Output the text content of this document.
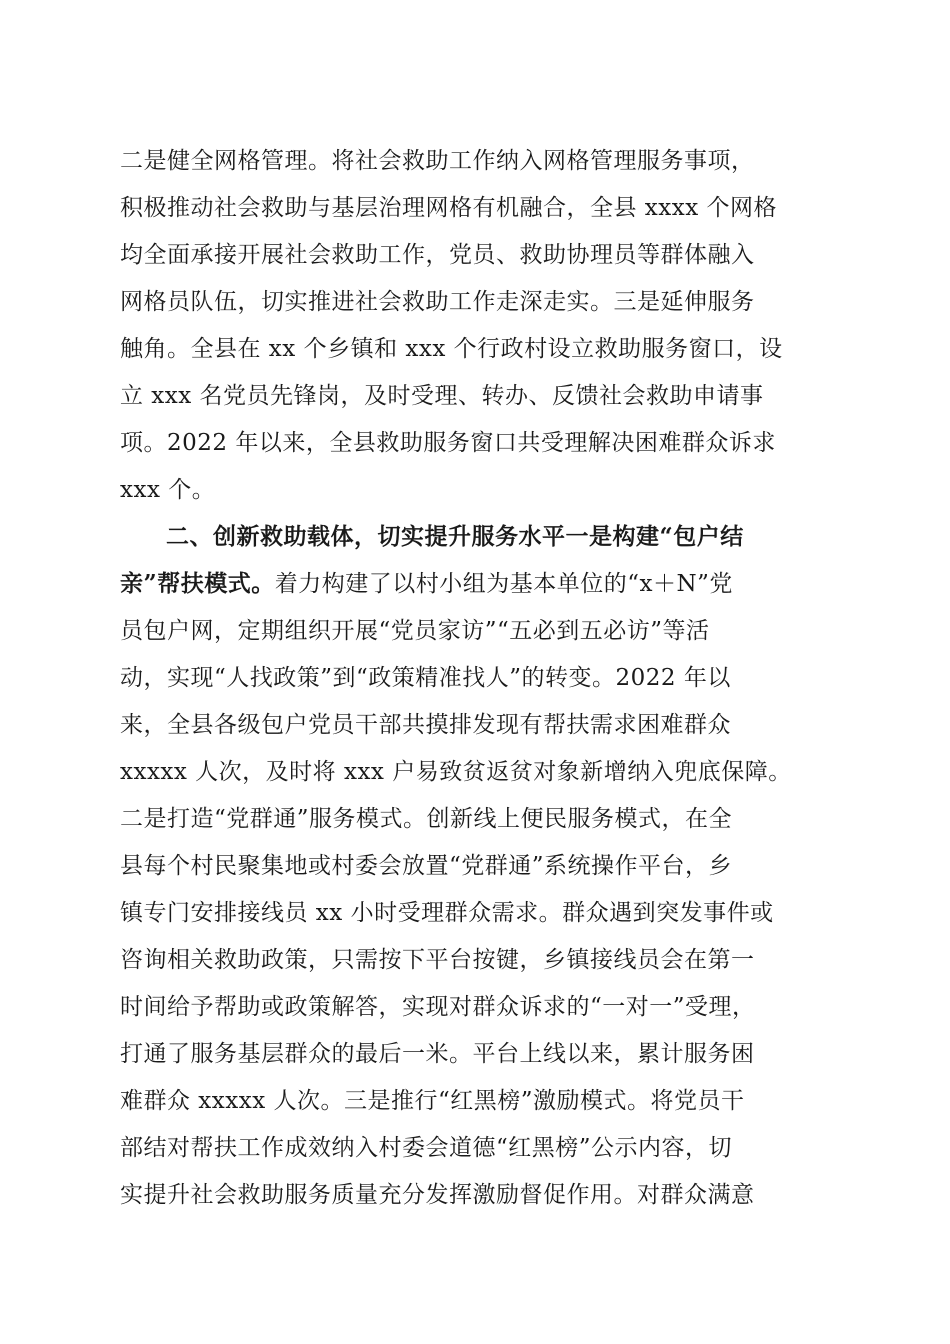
二是健全网格管理。将社会救助工作纳入网格管理服务事项，
积极推动社会救助与基层治理网格有机融合，全县 xxxx 个网格
均全面承接开展社会救助工作，党员、救助协理员等群体融入
网格员队伍，切实推进社会救助工作走深走实。三是延伸服务
触角。全县在 xx 个乡镇和 xxx 个行政村设立救助服务窗口，设
立 xxx 名党员先锋岗，及时受理、转办、反馈社会救助申请事
项。2022 年以来，全县救助服务窗口共受理解决困难群众诉求
xxx 个。
二、创新救助载体，切实提升服务水平一是构建“包户结
亲”帮扶模式。着力构建了以村小组为基本单位的“x＋N”党
员包户网，定期组织开展“党员家访”“五必到五必访”等活
动，实现“人找政策”到“政策精准找人”的转变。2022 年以
来，全县各级包户党员干部共摸排发现有帮扶需求困难群众
xxxxx 人次，及时将 xxx 户易致贫返贫对象新增纳入兜底保障。
二是打造“党群通”服务模式。创新线上便民服务模式，在全
县每个村民聚集地或村委会放置“党群通”系统操作平台，乡
镇专门安排接线员 xx 小时受理群众需求。群众遇到突发事件或
咨询相关救助政策，只需按下平台按键，乡镇接线员会在第一
时间给予帮助或政策解答，实现对群众诉求的“一对一”受理，
打通了服务基层群众的最后一米。平台上线以来，累计服务困
难群众 xxxxx 人次。三是推行“红黑榜”激励模式。将党员干
部结对帮扶工作成效纳入村委会道德“红黑榜”公示内容，切
实提升社会救助服务质量充分发挥激励督促作用。对群众满意
